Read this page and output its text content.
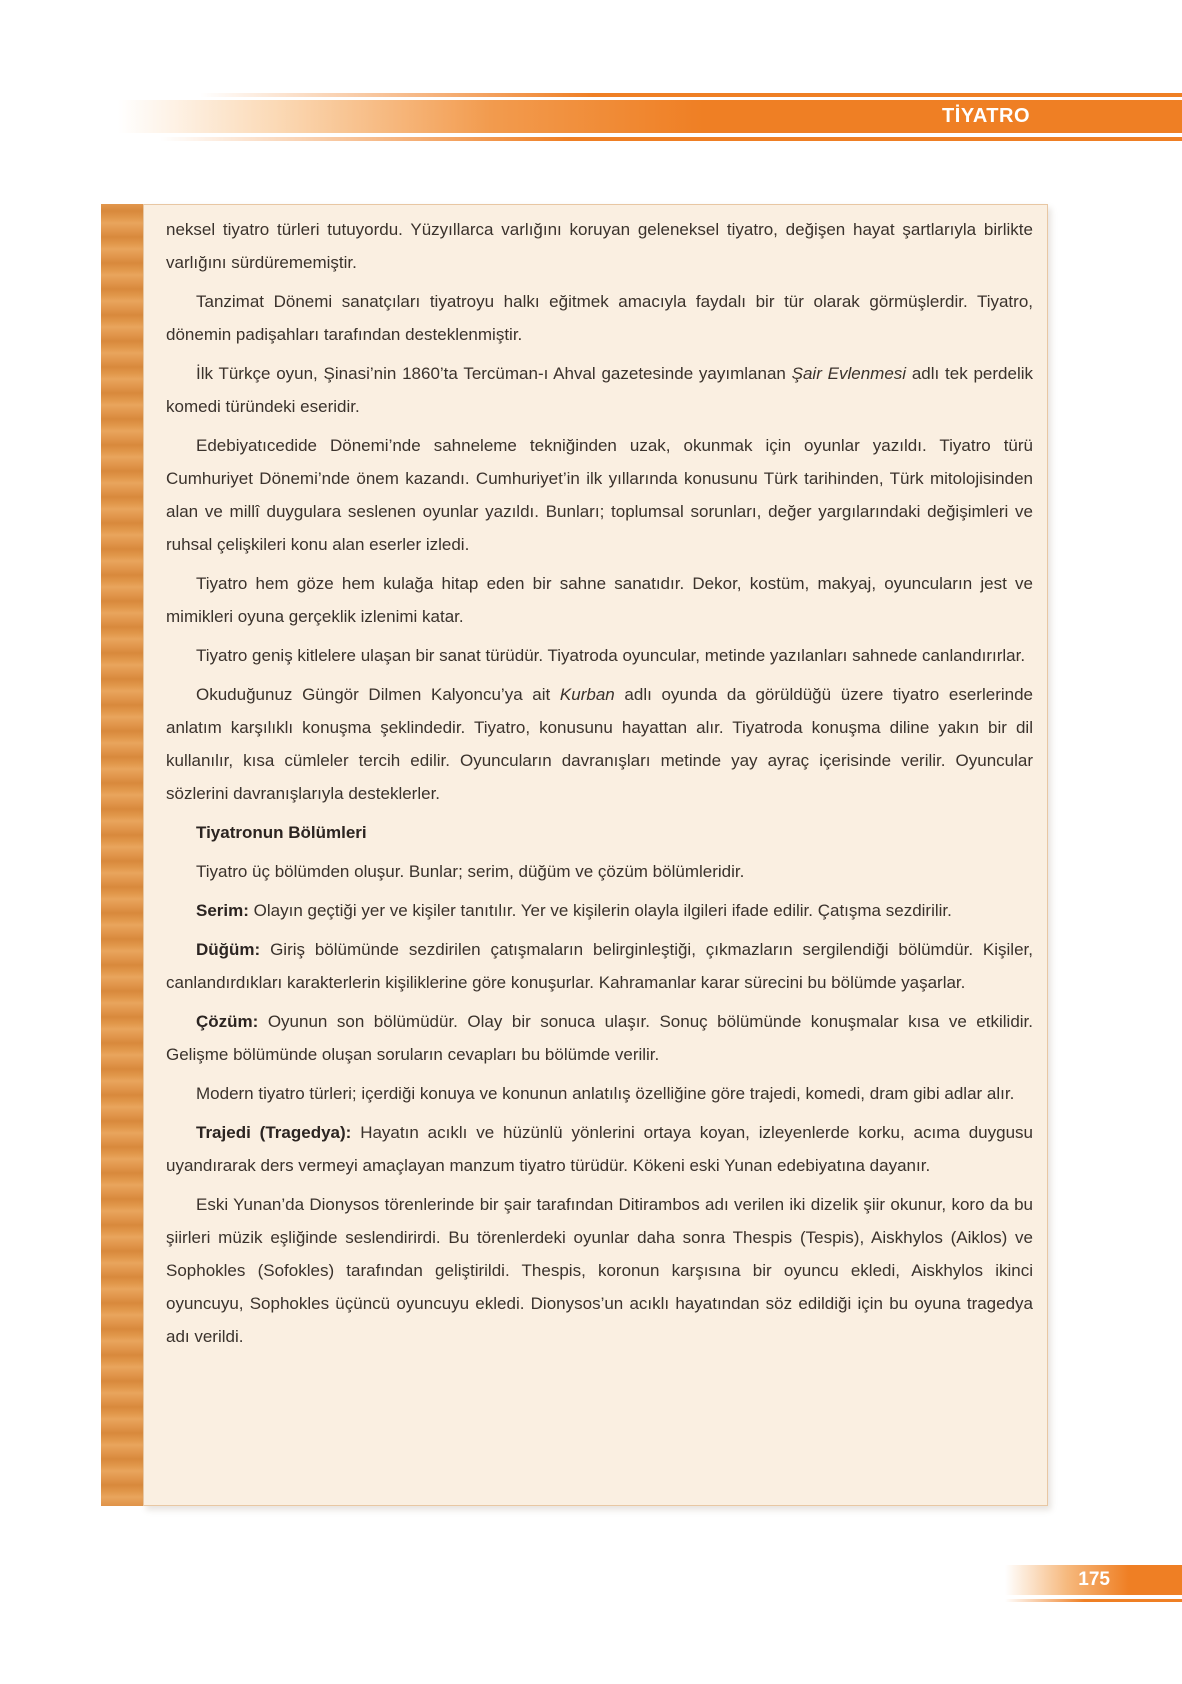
TİYATRO

neksel tiyatro türleri tutuyordu. Yüzyıllarca varlığını koruyan geleneksel tiyatro, değişen hayat şartlarıyla birlikte varlığını sürdürememiştir.

Tanzimat Dönemi sanatçıları tiyatroyu halkı eğitmek amacıyla faydalı bir tür olarak görmüşlerdir. Tiyatro, dönemin padişahları tarafından desteklenmiştir.

İlk Türkçe oyun, Şinasi’nin 1860’ta Tercüman-ı Ahval gazetesinde yayımlanan Şair Evlenmesi adlı tek perdelik komedi türündeki eseridir.

Edebiyatıcedide Dönemi’nde sahneleme tekniğinden uzak, okunmak için oyunlar yazıldı. Tiyatro türü Cumhuriyet Dönemi’nde önem kazandı. Cumhuriyet’in ilk yıllarında konusunu Türk tarihinden, Türk mitolojisinden alan ve millî duygulara seslenen oyunlar yazıldı. Bunları; toplumsal sorunları, değer yargılarındaki değişimleri ve ruhsal çelişkileri konu alan eserler izledi.

Tiyatro hem göze hem kulağa hitap eden bir sahne sanatıdır. Dekor, kostüm, makyaj, oyuncuların jest ve mimikleri oyuna gerçeklik izlenimi katar.

Tiyatro geniş kitlelere ulaşan bir sanat türüdür. Tiyatroda oyuncular, metinde yazılanları sahnede canlandırırlar.

Okuduğunuz Güngör Dilmen Kalyoncu’ya ait Kurban adlı oyunda da görüldüğü üzere tiyatro eserlerinde anlatım karşılıklı konuşma şeklindedir. Tiyatro, konusunu hayattan alır. Tiyatroda konuşma diline yakın bir dil kullanılır, kısa cümleler tercih edilir. Oyuncuların davranışları metinde yay ayraç içerisinde verilir. Oyuncular sözlerini davranışlarıyla desteklerler.

Tiyatronun Bölümleri

Tiyatro üç bölümden oluşur. Bunlar; serim, düğüm ve çözüm bölümleridir.

Serim: Olayın geçtiği yer ve kişiler tanıtılır. Yer ve kişilerin olayla ilgileri ifade edilir. Çatışma sezdirilir.

Düğüm: Giriş bölümünde sezdirilen çatışmaların belirginleştiği, çıkmazların sergilendiği bölümdür. Kişiler, canlandırdıkları karakterlerin kişiliklerine göre konuşurlar. Kahramanlar karar sürecini bu bölümde yaşarlar.

Çözüm: Oyunun son bölümüdür. Olay bir sonuca ulaşır. Sonuç bölümünde konuşmalar kısa ve etkilidir. Gelişme bölümünde oluşan soruların cevapları bu bölümde verilir.

Modern tiyatro türleri; içerdiği konuya ve konunun anlatılış özelliğine göre trajedi, komedi, dram gibi adlar alır.

Trajedi (Tragedya): Hayatın acıklı ve hüzünlü yönlerini ortaya koyan, izleyenlerde korku, acıma duygusu uyandırarak ders vermeyi amaçlayan manzum tiyatro türüdür. Kökeni eski Yunan edebiyatına dayanır.

Eski Yunan’da Dionysos törenlerinde bir şair tarafından Ditirambos adı verilen iki dizelik şiir okunur, koro da bu şiirleri müzik eşliğinde seslendirirdi. Bu törenlerdeki oyunlar daha sonra Thespis (Tespis), Aiskhylos (Aiklos) ve Sophokles (Sofokles) tarafından geliştirildi. Thespis, koronun karşısına bir oyuncu ekledi, Aiskhylos ikinci oyuncuyu, Sophokles üçüncü oyuncuyu ekledi. Dionysos’un acıklı hayatından söz edildiği için bu oyuna tragedya adı verildi.

175
